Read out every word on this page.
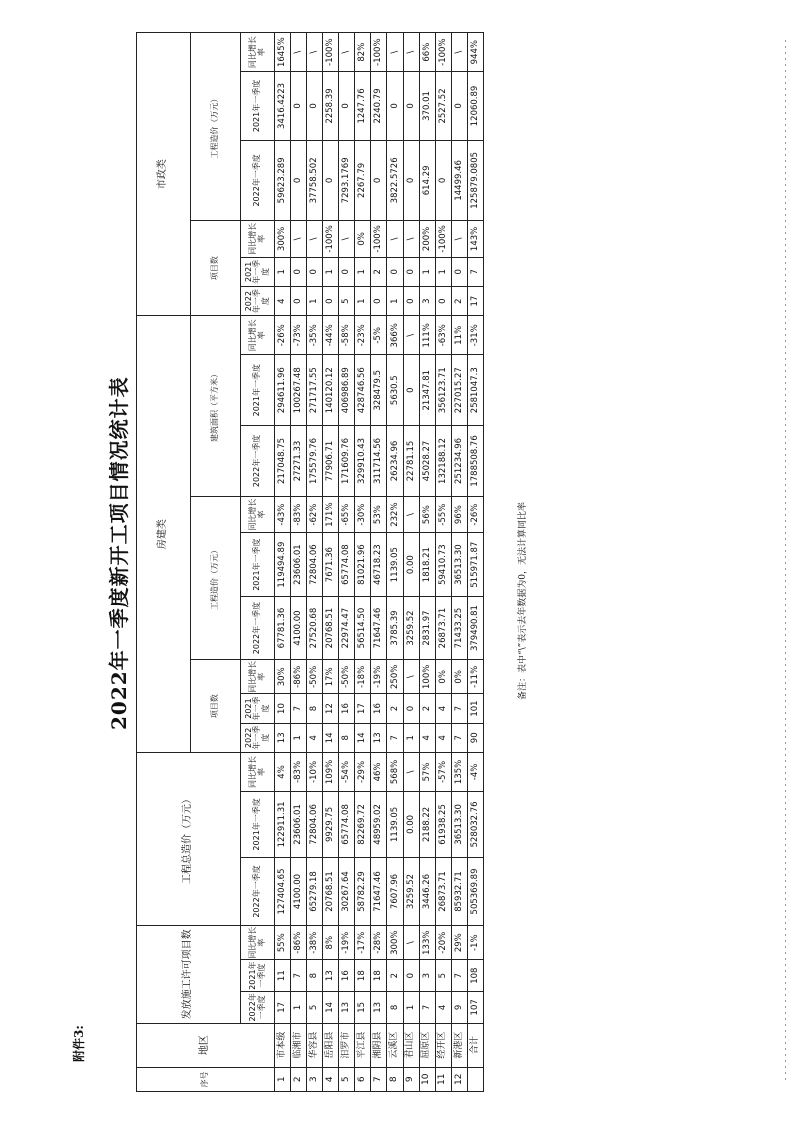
附件3:
2022年一季度新开工项目情况统计表	备注：表中“\”表示去年数据为0，无法计算同比率
序号	地区	发放施工许可项目数			工程总造价（万元）			房建类									市政类					
								项目数			工程造价（万元）			建筑面积（平方米）			项目数			工程造价（万元）		

		2022年一季度	2021年一季度	同比增长率	2022年一季度	2021年一季度	同比增长率	2022年一季度	2021年一季度	同比增长率	2022年一季度	2021年一季度	同比增长率	2022年一季度	2021年一季度	同比增长率	2022年一季度	2021年一季度	同比增长率	2022年一季度	2021年一季度	同比增长率
1	市本级	17	11	55%	127404.65	122911.31	4%	13	10	30%	67781.36	119494.89	-43%	217048.75	294611.96	-26%	4	1	300%	59623.289	3416.4223	1645%
2	临湘市	1	7	-86%	4100.00	23606.01	-83%	1	7	-86%	4100.00	23606.01	-83%	27271.33	100267.48	-73%	0	0	\	0	0	\
3	华容县	5	8	-38%	65279.18	72804.06	-10%	4	8	-50%	27520.68	72804.06	-62%	175579.76	271717.55	-35%	1	0	\	37758.502	0	\
4	岳阳县	14	13	8%	20768.51	9929.75	109%	14	12	17%	20768.51	7671.36	171%	77906.71	140120.12	-44%	0	1	-100%	0	2258.39	-100%
5	汨罗市	13	16	-19%	30267.64	65774.08	-54%	8	16	-50%	22974.47	65774.08	-65%	171609.76	406986.89	-58%	5	0	\	7293.1769	0	\
6	平江县	15	18	-17%	58782.29	82269.72	-29%	14	17	-18%	56514.50	81021.96	-30%	329910.43	428746.56	-23%	1	1	0%	2267.79	1247.76	82%
7	湘阴县	13	18	-28%	71647.46	48959.02	46%	13	16	-19%	71647.46	46718.23	53%	311714.56	328479.5	-5%	0	2	-100%	0	2240.79	-100%
8	云溪区	8	2	300%	7607.96	1139.05	568%	7	2	250%	3785.39	1139.05	232%	26234.96	5630.5	366%	1	0	\	3822.5726	0	\
9	君山区	1	0	\	3259.52	0.00	\	1	0	\	3259.52	0.00	\	22781.15	0	\	0	0	\	0	0	\
10	屈原区	7	3	133%	3446.26	2188.22	57%	4	2	100%	2831.97	1818.21	56%	45028.27	21347.81	111%	3	1	200%	614.29	370.01	66%
11	经开区	4	5	-20%	26873.71	61938.25	-57%	4	4	0%	26873.71	59410.73	-55%	132188.12	356123.71	-63%	0	1	-100%	0	2527.52	-100%
12	新港区	9	7	29%	85932.71	36513.30	135%	7	7	0%	71433.25	36513.30	96%	251234.96	227015.27	11%	2	0	\	14499.46	0	\
	合计	107	108	-1%	505369.89	528032.76	-4%	90	101	-11%	379490.81	515971.87	-26%	1788508.76	2581047.3	-31%	17	7	143%	125879.0805	12060.89	944%
